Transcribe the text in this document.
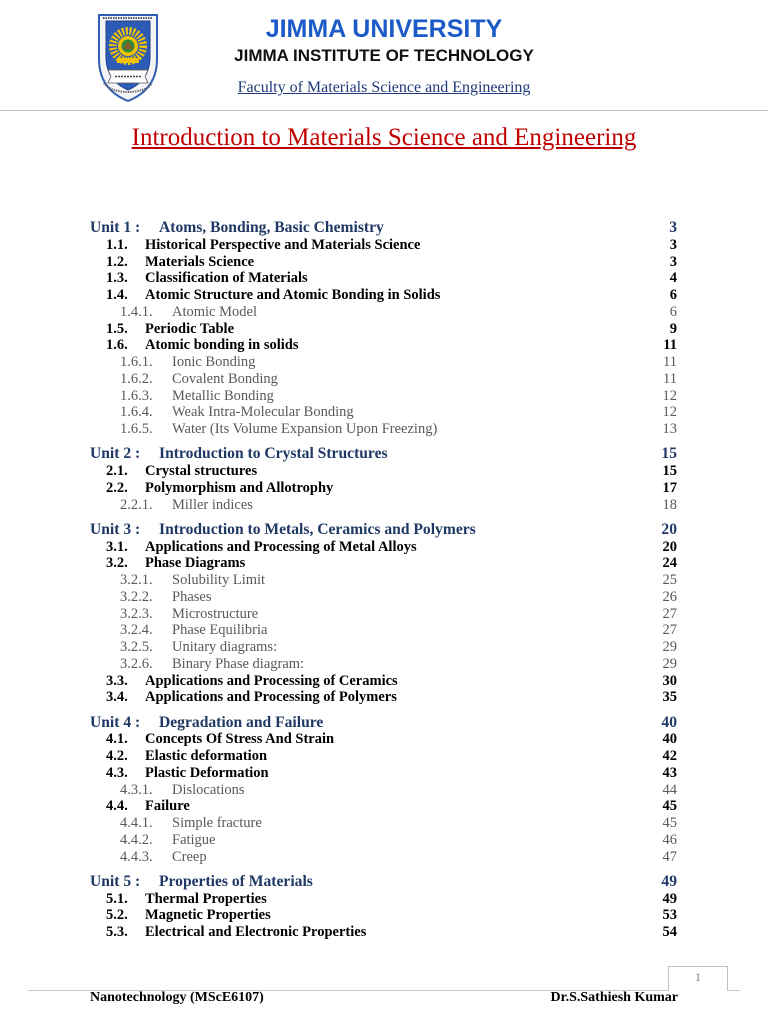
JIMMA UNIVERSITY
JIMMA INSTITUTE OF TECHNOLOGY
Faculty of Materials Science and Engineering
Introduction to Materials Science and Engineering
Unit 1 : Atoms, Bonding, Basic Chemistry	3
1.1. Historical Perspective and Materials Science	3
1.2. Materials Science	3
1.3. Classification of Materials	4
1.4. Atomic Structure and Atomic Bonding in Solids	6
1.4.1. Atomic Model	6
1.5. Periodic Table	9
1.6. Atomic bonding in solids	11
1.6.1. Ionic Bonding	11
1.6.2. Covalent Bonding	11
1.6.3. Metallic Bonding	12
1.6.4. Weak Intra-Molecular Bonding	12
1.6.5. Water (Its Volume Expansion Upon Freezing)	13
Unit 2 : Introduction to Crystal Structures	15
2.1. Crystal structures	15
2.2. Polymorphism and Allotrophy	17
2.2.1. Miller indices	18
Unit 3 : Introduction to Metals, Ceramics and Polymers	20
3.1. Applications and Processing of Metal Alloys	20
3.2. Phase Diagrams	24
3.2.1. Solubility Limit	25
3.2.2. Phases	26
3.2.3. Microstructure	27
3.2.4. Phase Equilibria	27
3.2.5. Unitary diagrams:	29
3.2.6. Binary Phase diagram:	29
3.3. Applications and Processing of Ceramics	30
3.4. Applications and Processing of Polymers	35
Unit 4 : Degradation and Failure	40
4.1. Concepts Of Stress And Strain	40
4.2. Elastic deformation	42
4.3. Plastic Deformation	43
4.3.1. Dislocations	44
4.4. Failure	45
4.4.1. Simple fracture	45
4.4.2. Fatigue	46
4.4.3. Creep	47
Unit 5 : Properties of Materials	49
5.1. Thermal Properties	49
5.2. Magnetic Properties	53
5.3. Electrical and Electronic Properties	54
1
Nanotechnology (MScE6107)	Dr.S.Sathiesh Kumar
